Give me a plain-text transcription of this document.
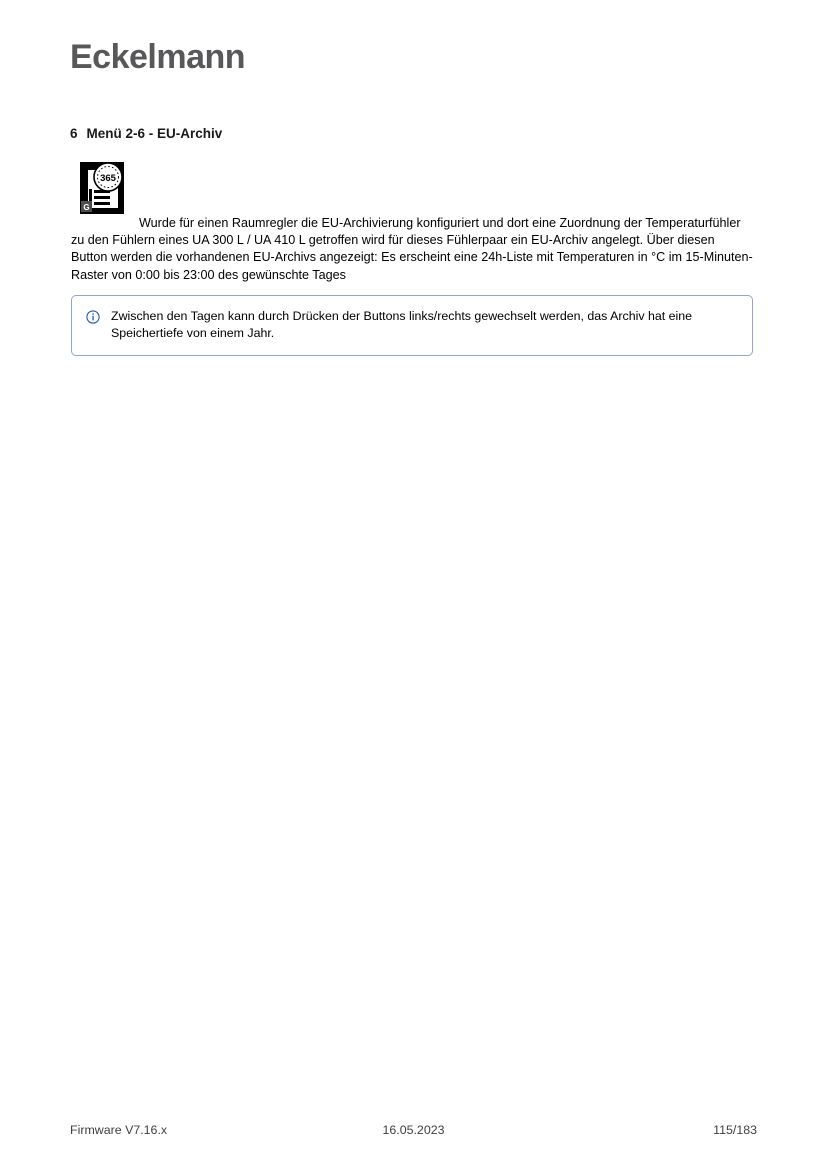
Eckelmann
6 Menü 2-6 - EU-Archiv
365
G
Wurde für einen Raumregler die EU-Archivierung konfiguriert und dort eine Zuordnung der Temperaturfühler zu den Fühlern eines UA 300 L / UA 410 L getroffen wird für dieses Fühlerpaar ein EU-Archiv angelegt. Über diesen Button werden die vorhandenen EU-Archivs angezeigt: Es erscheint eine 24h-Liste mit Temperaturen in °C im 15-Minuten-Raster von 0:00 bis 23:00 des gewünschte Tages
Zwischen den Tagen kann durch Drücken der Buttons links/rechts gewechselt werden, das Archiv hat eine Speichertiefe von einem Jahr.
Firmware V7.16.x	16.05.2023	115/183
